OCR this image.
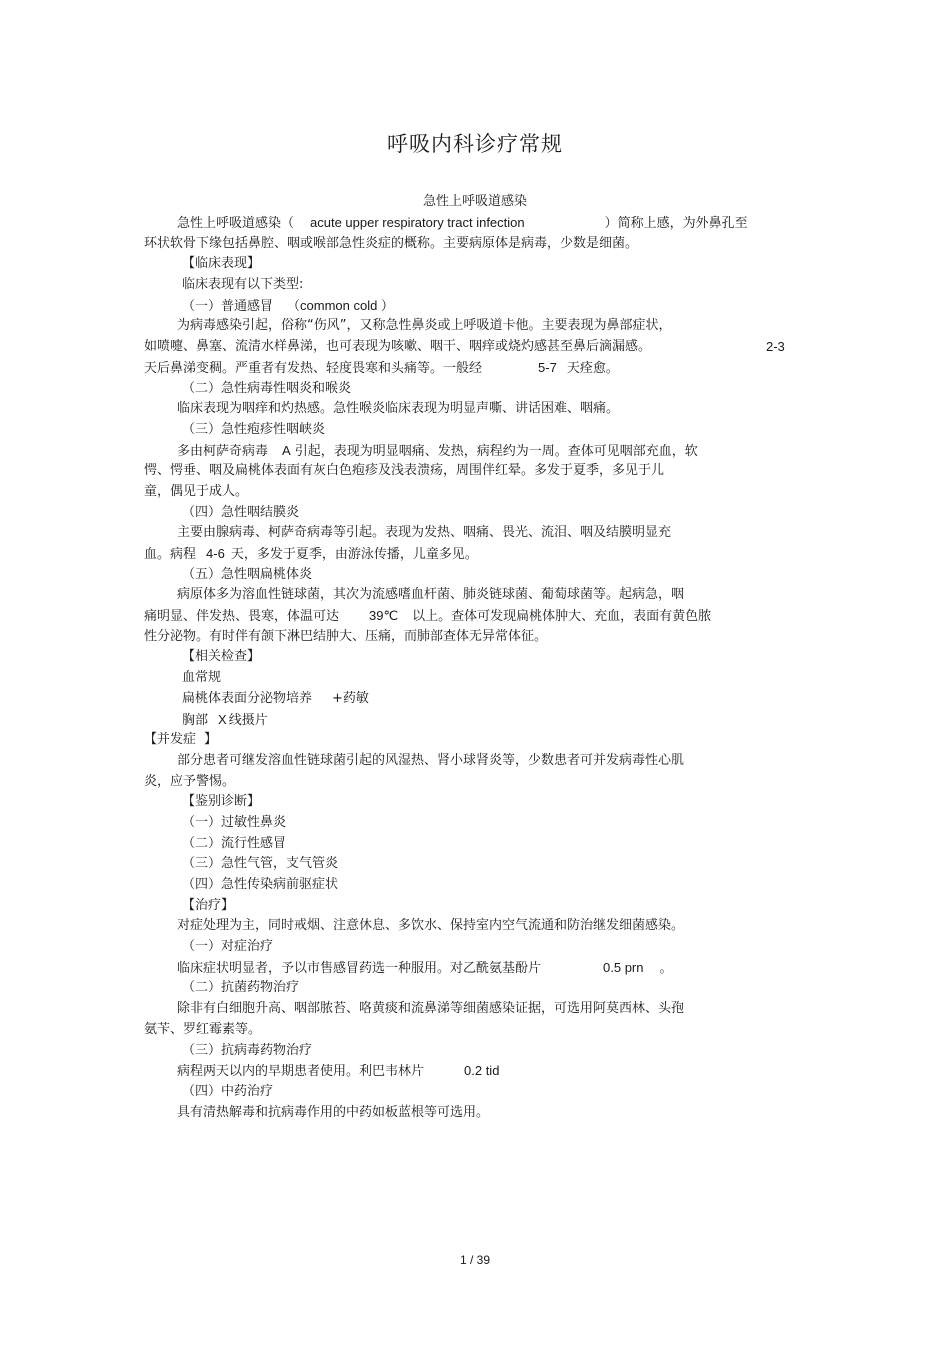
呼吸内科诊疗常规
急性上呼吸道感染
急性上呼吸道感染（ acute upper respiratory tract infection	）简称上感，为外鼻孔至
环状软骨下缘包括鼻腔、咽或喉部急性炎症的概称。主要病原体是病毒，少数是细菌。
【临床表现】
临床表现有以下类型:
（一）普通感冒 （common cold ）
为病毒感染引起，俗称“伤风”，又称急性鼻炎或上呼吸道卡他。主要表现为鼻部症状，
如喷嚏、鼻塞、流清水样鼻涕，也可表现为咳嗽、咽干、咽痒或烧灼感甚至鼻后滴漏感。	2-3
天后鼻涕变稠。严重者有发热、轻度畏寒和头痛等。一般经	5-7 天痊愈。
（二）急性病毒性咽炎和喉炎
临床表现为咽痒和灼热感。急性喉炎临床表现为明显声嘶、讲话困难、咽痛。
（三）急性疱疹性咽峡炎
多由柯萨奇病毒 A 引起，表现为明显咽痛、发热，病程约为一周。查体可见咽部充血，软
愕、愕垂、咽及扁桃体表面有灰白色疱疹及浅表溃疡，周围伴红晕。多发于夏季，多见于儿
童，偶见于成人。
（四）急性咽结膜炎
主要由腺病毒、柯萨奇病毒等引起。表现为发热、咽痛、畏光、流泪、咽及结膜明显充
血。病程 4-6 天，多发于夏季，由游泳传播，儿童多见。
（五）急性咽扁桃体炎
病原体多为溶血性链球菌，其次为流感嗜血杆菌、肺炎链球菌、葡萄球菌等。起病急，咽
痛明显、伴发热、畏寒，体温可达 39℃ 以上。查体可发现扁桃体肿大、充血，表面有黄色脓
性分泌物。有时伴有颌下淋巴结肿大、压痛，而肺部查体无异常体征。
【相关检查】
血常规
扁桃体表面分泌物培养 +药敏
胸部 X 线摄片
【并发症 】
部分患者可继发溶血性链球菌引起的风湿热、肾小球肾炎等，少数患者可并发病毒性心肌
炎，应予警惕。
【鉴别诊断】
（一）过敏性鼻炎
（二）流行性感冒
（三）急性气管，支气管炎
（四）急性传染病前驱症状
【治疗】
对症处理为主，同时戒烟、注意休息、多饮水、保持室内空气流通和防治继发细菌感染。
（一）对症治疗
临床症状明显者，予以市售感冒药选一种服用。对乙酰氨基酚片	0.5 prn 。
（二）抗菌药物治疗
除非有白细胞升高、咽部脓苔、咯黄痰和流鼻涕等细菌感染证据，可选用阿莫西林、头孢
氨苄、罗红霉素等。
（三）抗病毒药物治疗
病程两天以内的早期患者使用。利巴韦林片	0.2 tid
（四）中药治疗
具有清热解毒和抗病毒作用的中药如板蓝根等可选用。
1 / 39
